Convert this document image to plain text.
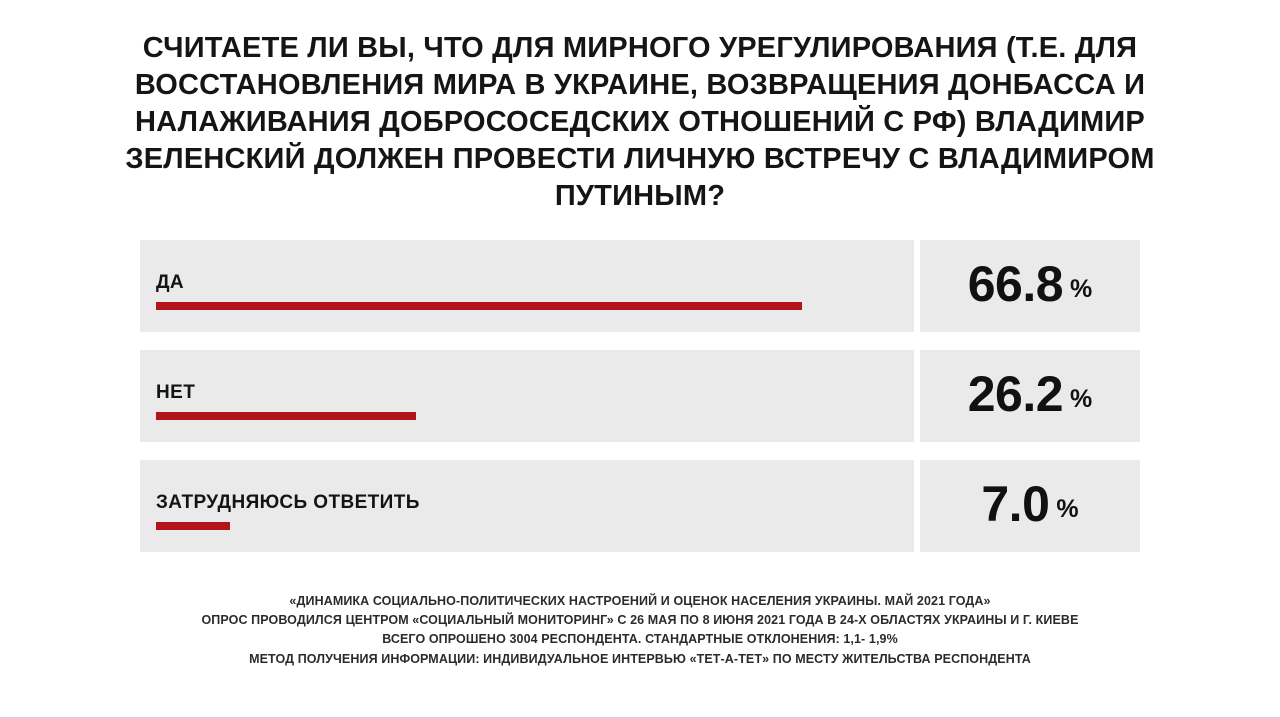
СЧИТАЕТЕ ЛИ ВЫ, ЧТО ДЛЯ МИРНОГО УРЕГУЛИРОВАНИЯ (Т.Е. ДЛЯ ВОССТАНОВЛЕНИЯ МИРА В УКРАИНЕ, ВОЗВРАЩЕНИЯ ДОНБАССА И НАЛАЖИВАНИЯ ДОБРОСОСЕДСКИХ ОТНОШЕНИЙ С РФ) ВЛАДИМИР ЗЕЛЕНСКИЙ ДОЛЖЕН ПРОВЕСТИ ЛИЧНУЮ ВСТРЕЧУ С ВЛАДИМИРОМ ПУТИНЫМ?
ДА	66.8 %
НЕТ	26.2 %
ЗАТРУДНЯЮСЬ ОТВЕТИТЬ	7.0 %
«ДИНАМИКА СОЦИАЛЬНО-ПОЛИТИЧЕСКИХ НАСТРОЕНИЙ И ОЦЕНОК НАСЕЛЕНИЯ УКРАИНЫ. МАЙ 2021 ГОДА»
ОПРОС ПРОВОДИЛСЯ ЦЕНТРОМ «СОЦИАЛЬНЫЙ МОНИТОРИНГ» С 26 МАЯ ПО 8 ИЮНЯ 2021 ГОДА В 24-Х ОБЛАСТЯХ УКРАИНЫ И Г. КИЕВЕ
ВСЕГО ОПРОШЕНО 3004 РЕСПОНДЕНТА. СТАНДАРТНЫЕ ОТКЛОНЕНИЯ: 1,1- 1,9%
МЕТОД ПОЛУЧЕНИЯ ИНФОРМАЦИИ: ИНДИВИДУАЛЬНОЕ ИНТЕРВЬЮ «ТЕТ-А-ТЕТ» ПО МЕСТУ ЖИТЕЛЬСТВА РЕСПОНДЕНТА
